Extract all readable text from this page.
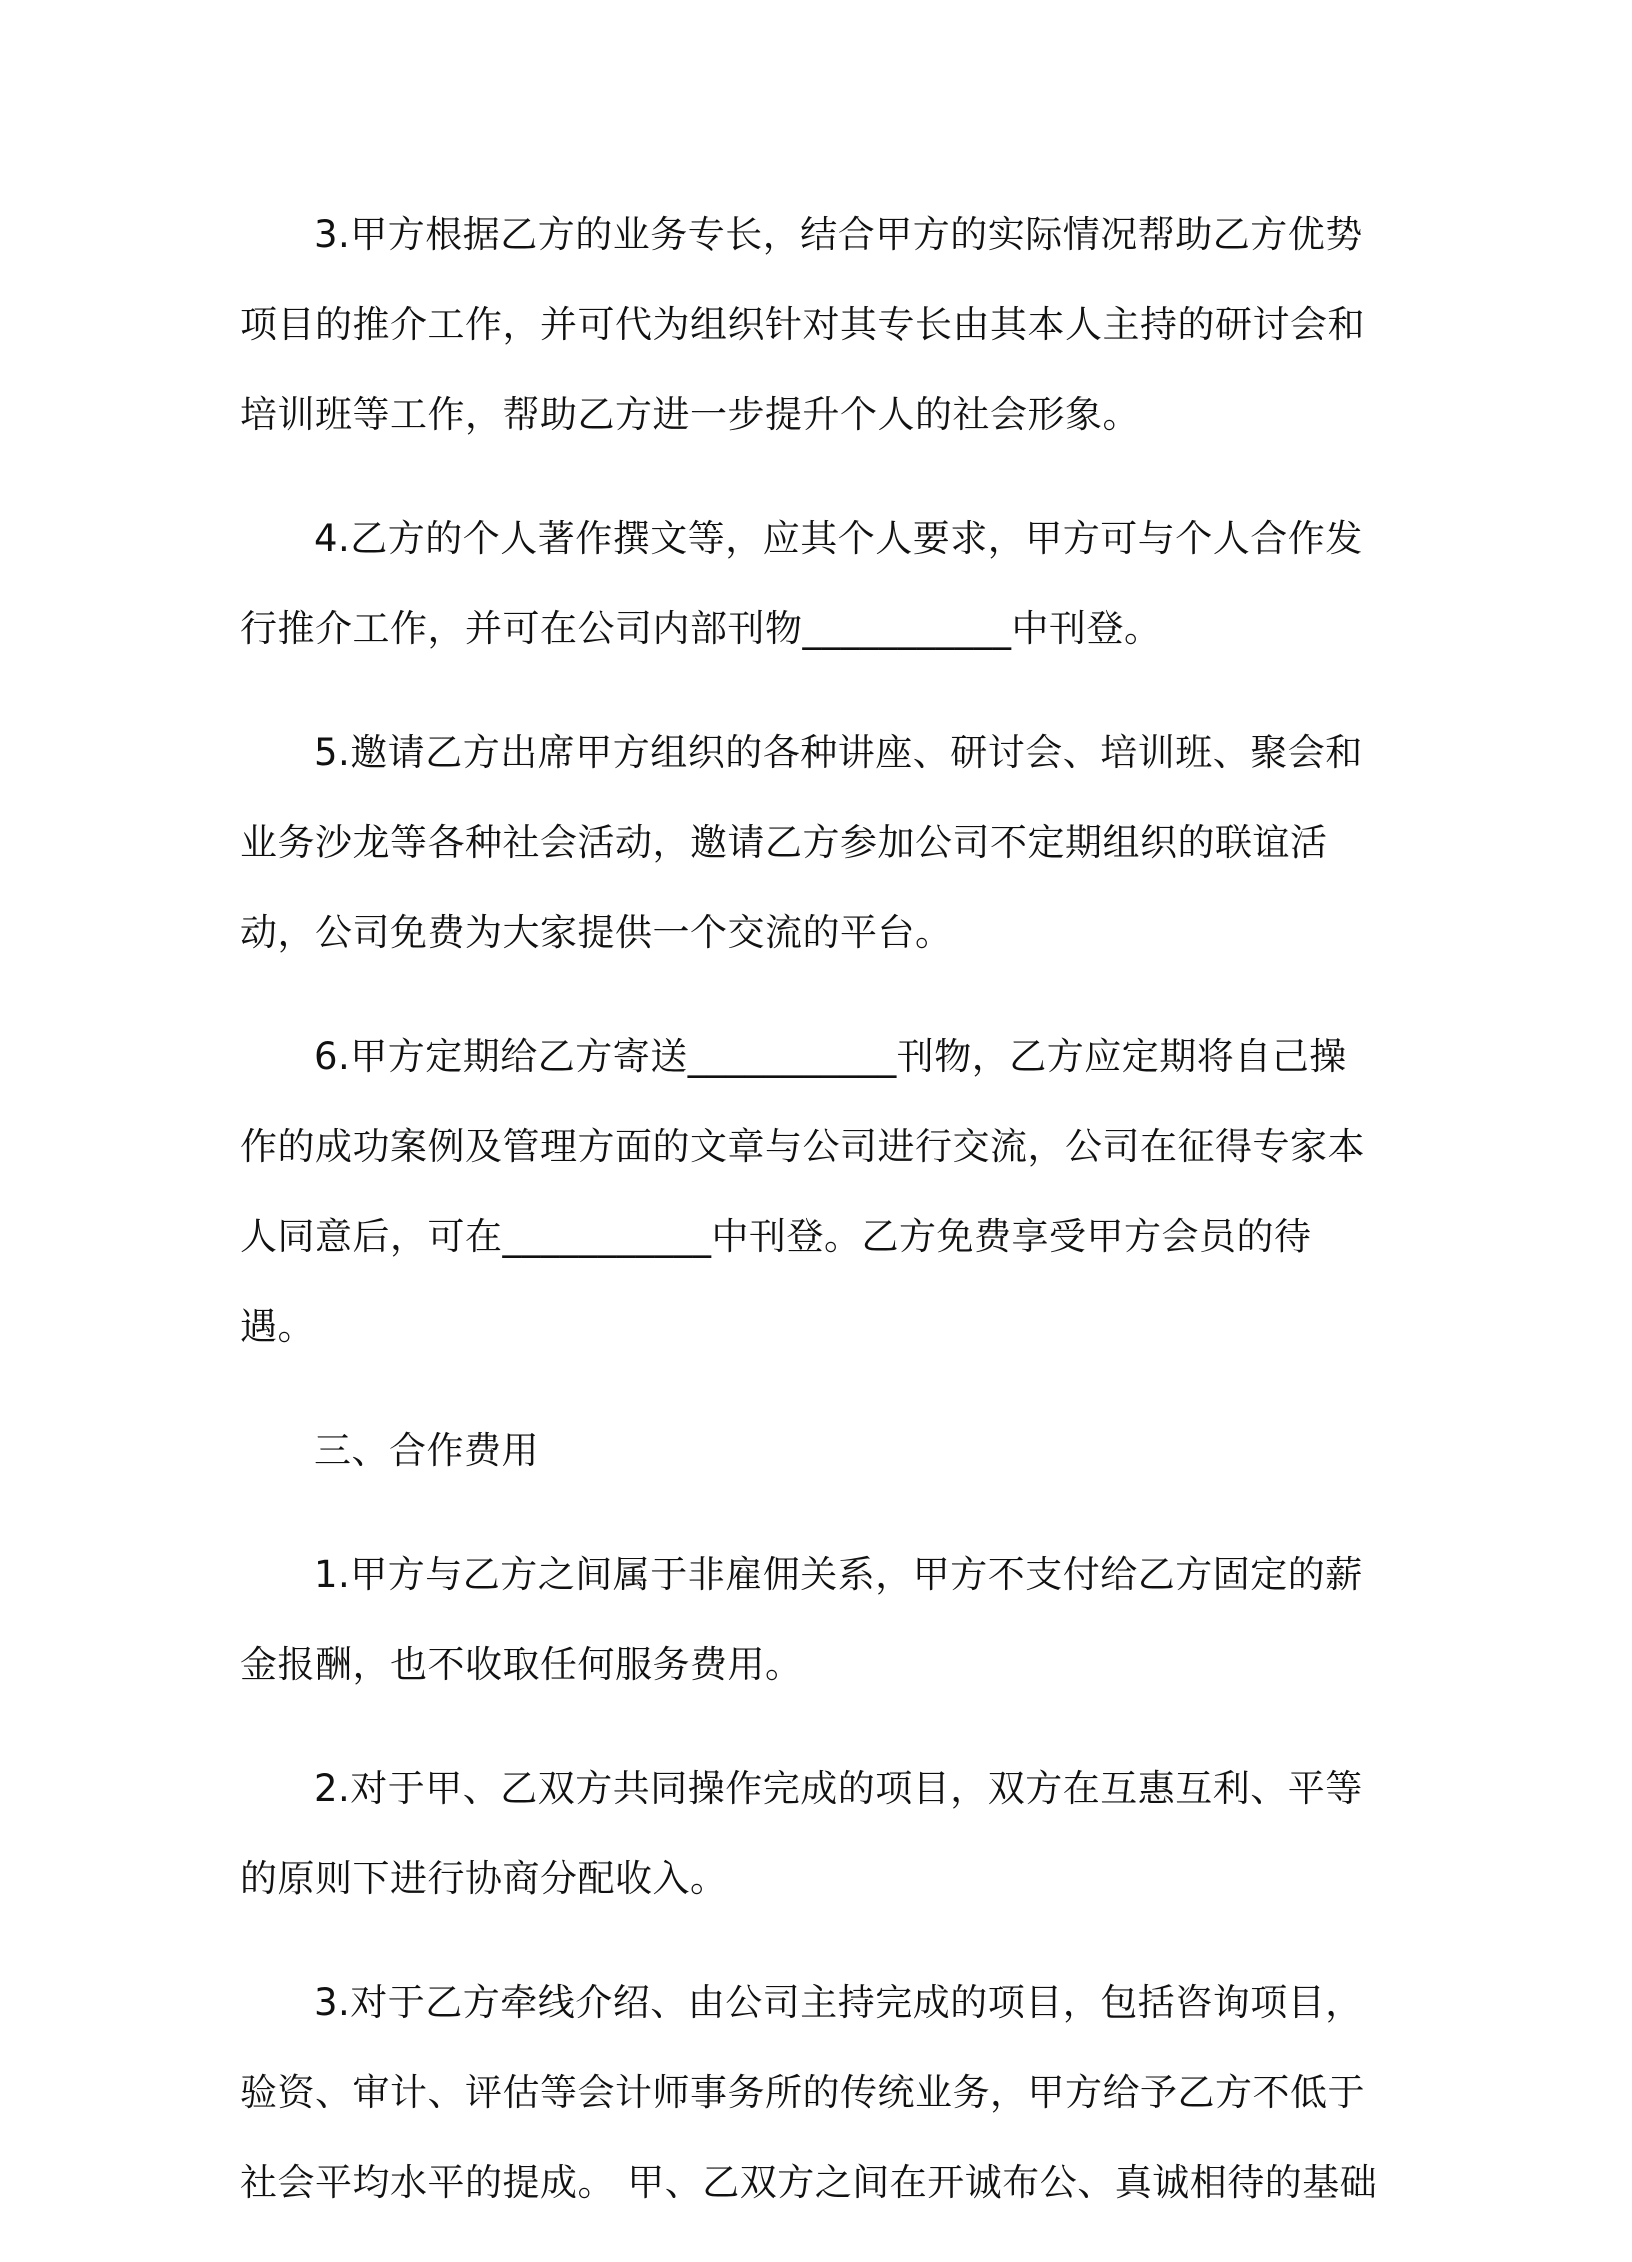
3.甲方根据乙方的业务专长，结合甲方的实际情况帮助乙方优势项目的推介工作，并可代为组织针对其专长由其本人主持的研讨会和培训班等工作，帮助乙方进一步提升个人的社会形象。

4.乙方的个人著作撰文等，应其个人要求，甲方可与个人合作发行推介工作，并可在公司内部刊物___________中刊登。

5.邀请乙方出席甲方组织的各种讲座、研讨会、培训班、聚会和业务沙龙等各种社会活动，邀请乙方参加公司不定期组织的联谊活动，公司免费为大家提供一个交流的平台。

6.甲方定期给乙方寄送___________刊物，乙方应定期将自己操作的成功案例及管理方面的文章与公司进行交流，公司在征得专家本人同意后，可在___________中刊登。乙方免费享受甲方会员的待遇。

三、合作费用

1.甲方与乙方之间属于非雇佣关系，甲方不支付给乙方固定的薪金报酬，也不收取任何服务费用。

2.对于甲、乙双方共同操作完成的项目，双方在互惠互利、平等的原则下进行协商分配收入。

3.对于乙方牵线介绍、由公司主持完成的项目，包括咨询项目，验资、审计、评估等会计师事务所的传统业务，甲方给予乙方不低于社会平均水平的提成。 甲、乙双方之间在开诚布公、真诚相待的基础
